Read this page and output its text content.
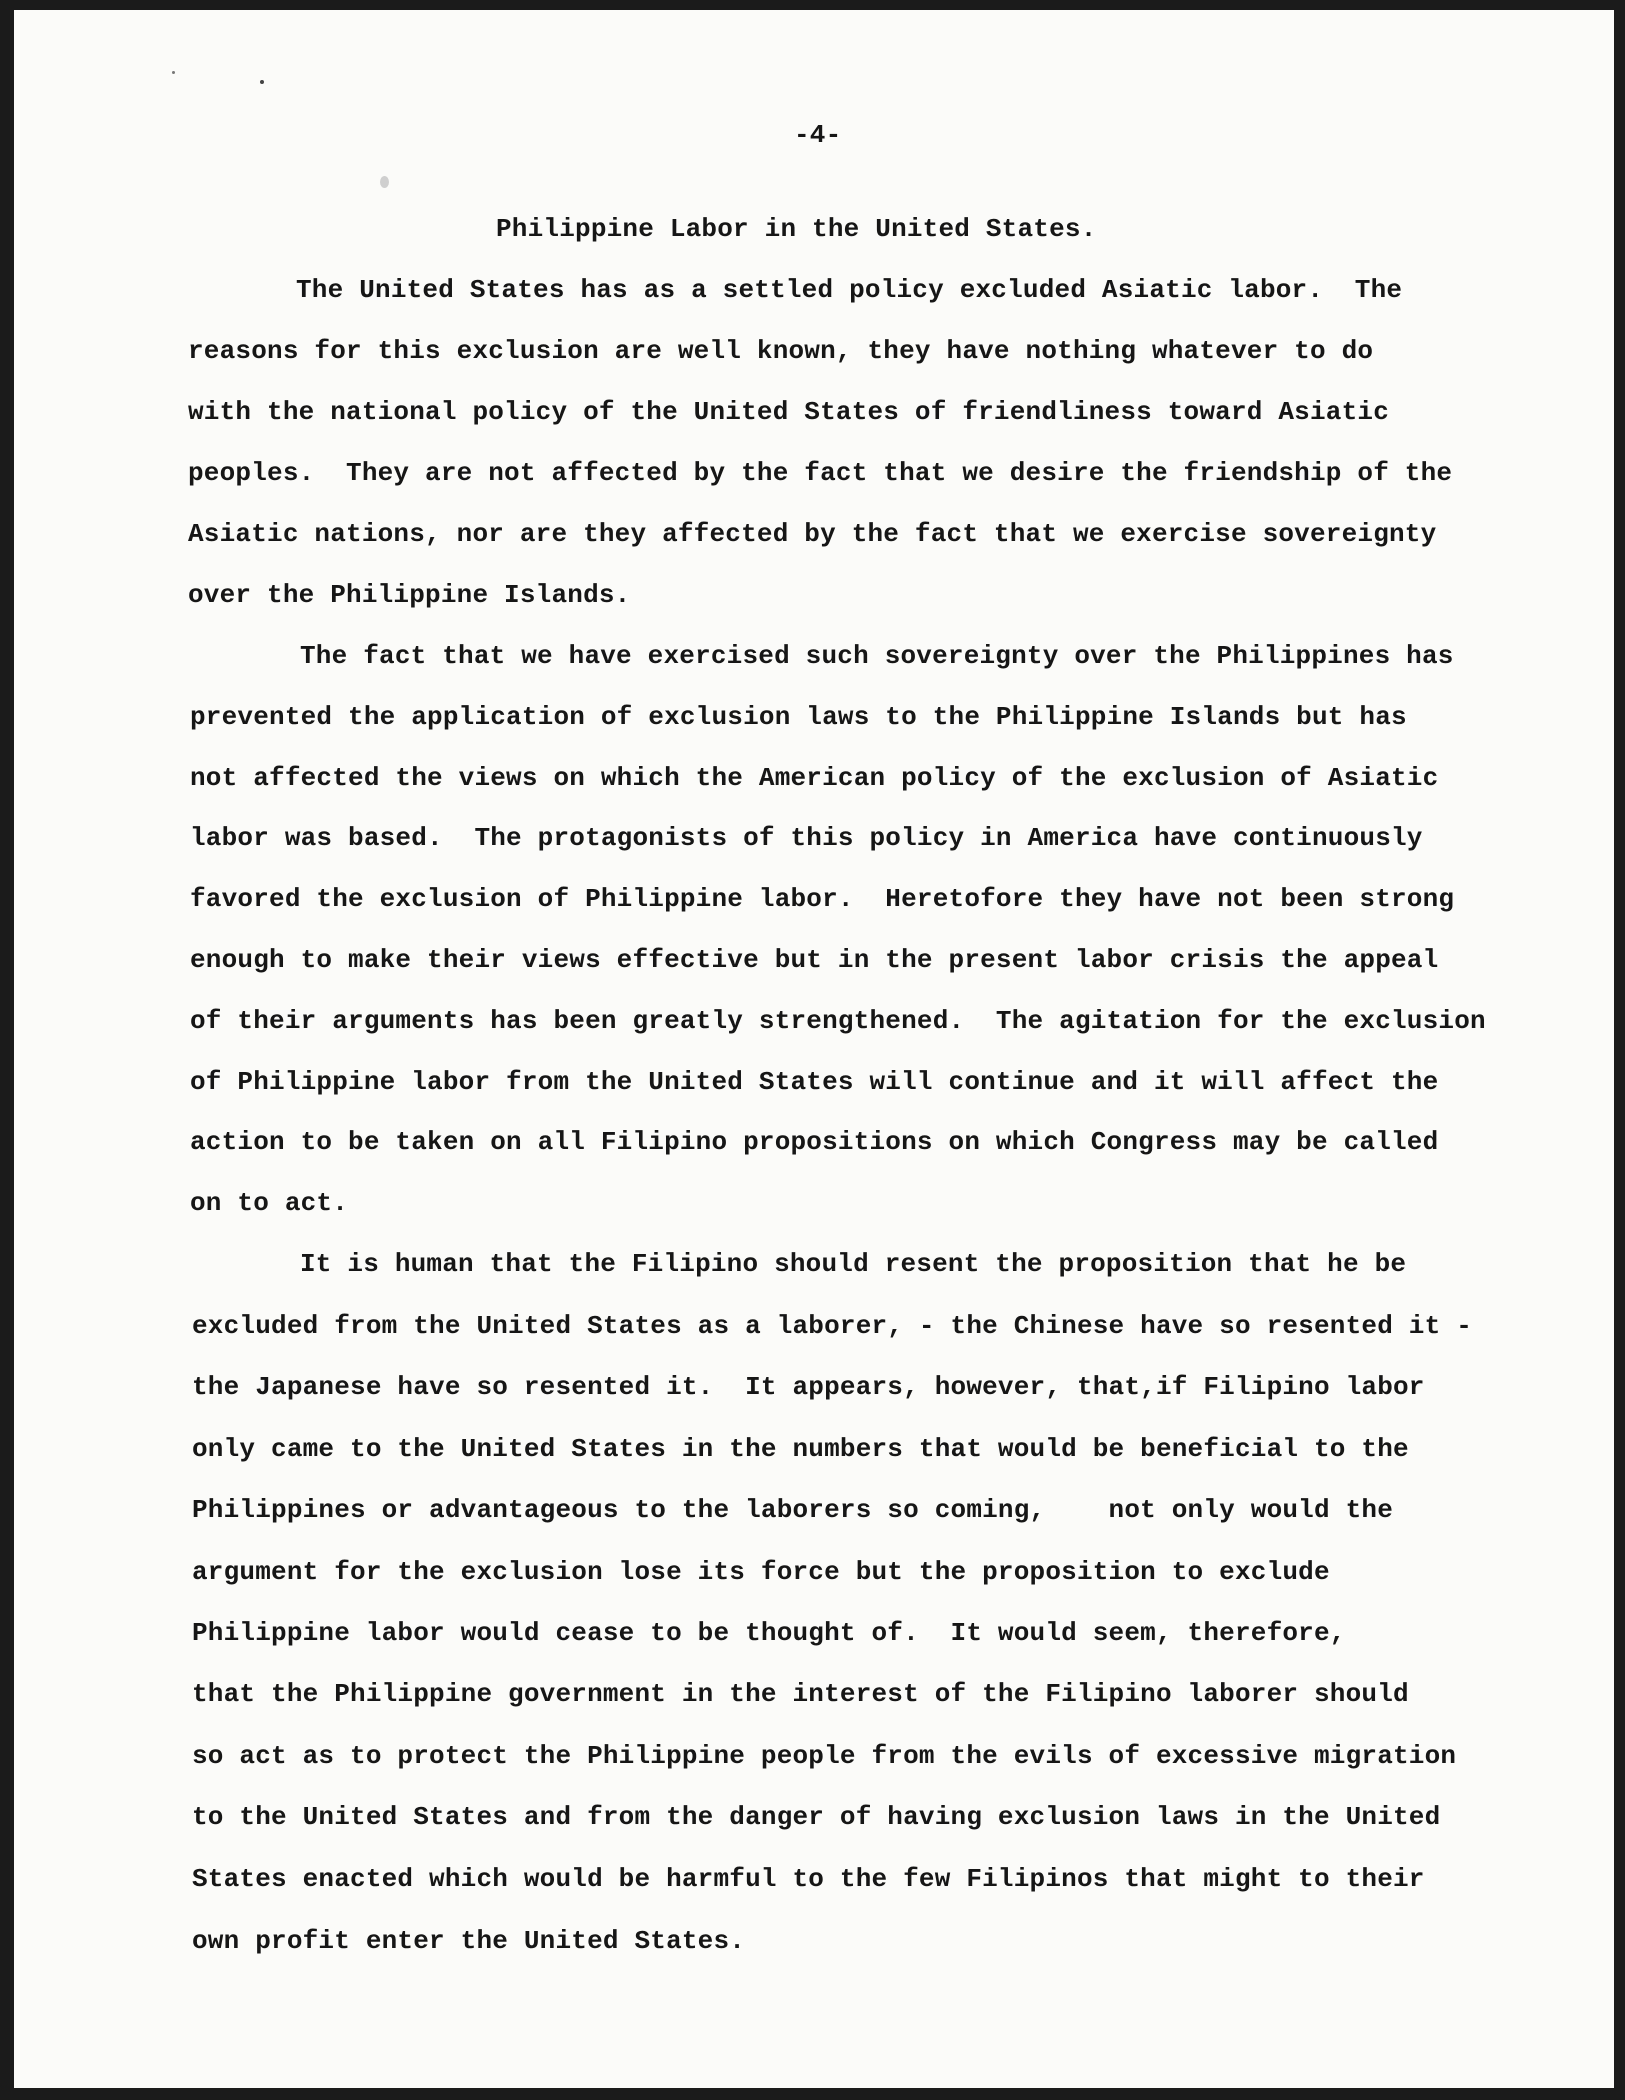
-4-
Philippine Labor in the United States.

The United States has as a settled policy excluded Asiatic labor.  The

reasons for this exclusion are well known, they have nothing whatever to do

with the national policy of the United States of friendliness toward Asiatic

peoples.  They are not affected by the fact that we desire the friendship of the

Asiatic nations, nor are they affected by the fact that we exercise sovereignty

over the Philippine Islands.

The fact that we have exercised such sovereignty over the Philippines has

prevented the application of exclusion laws to the Philippine Islands but has

not affected the views on which the American policy of the exclusion of Asiatic

labor was based.  The protagonists of this policy in America have continuously

favored the exclusion of Philippine labor.  Heretofore they have not been strong

enough to make their views effective but in the present labor crisis the appeal

of their arguments has been greatly strengthened.  The agitation for the exclusion

of Philippine labor from the United States will continue and it will affect the

action to be taken on all Filipino propositions on which Congress may be called

on to act.

It is human that the Filipino should resent the proposition that he be

excluded from the United States as a laborer, - the Chinese have so resented it -

the Japanese have so resented it.  It appears, however, that,if Filipino labor

only came to the United States in the numbers that would be beneficial to the

Philippines or advantageous to the laborers so coming,    not only would the

argument for the exclusion lose its force but the proposition to exclude

Philippine labor would cease to be thought of.  It would seem, therefore,

that the Philippine government in the interest of the Filipino laborer should

so act as to protect the Philippine people from the evils of excessive migration

to the United States and from the danger of having exclusion laws in the United

States enacted which would be harmful to the few Filipinos that might to their

own profit enter the United States.
